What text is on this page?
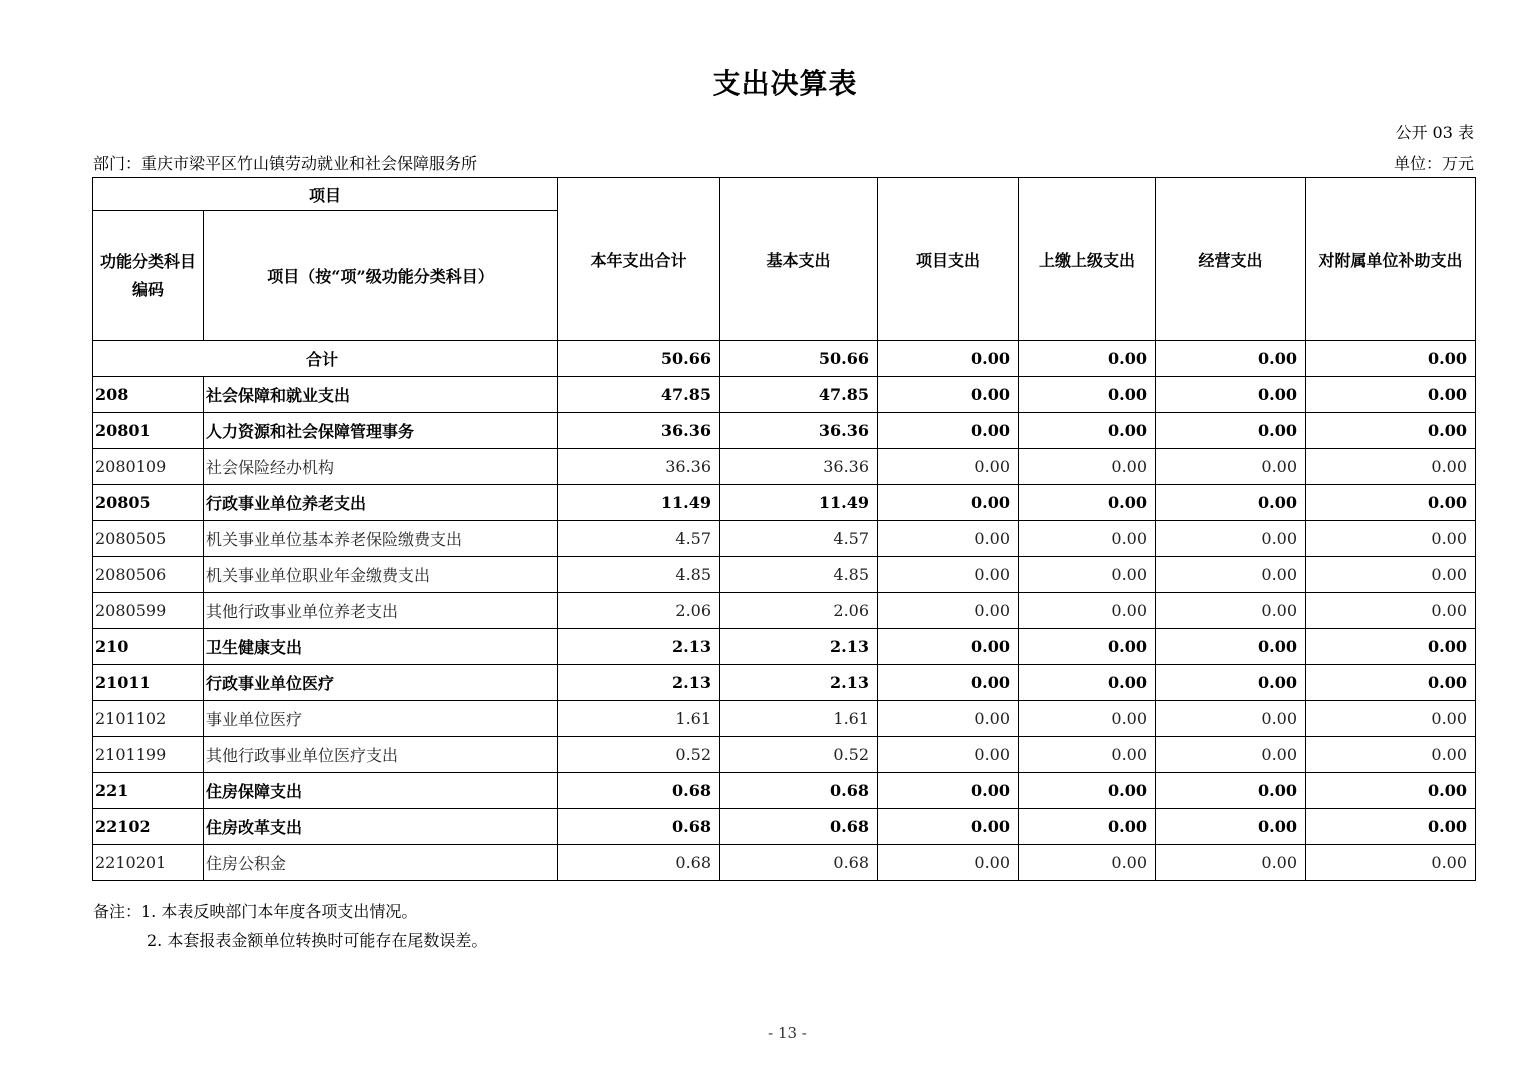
支出决算表
公开 03 表
部门：重庆市梁平区竹山镇劳动就业和社会保障服务所	单位：万元
项目		本年支出合计	基本支出	项目支出	上缴上级支出	经营支出	对附属单位补助支出
功能分类科目编码	项目（按“项”级功能分类科目）						
合计		50.66	50.66	0.00	0.00	0.00	0.00
208	社会保障和就业支出	47.85	47.85	0.00	0.00	0.00	0.00
20801	人力资源和社会保障管理事务	36.36	36.36	0.00	0.00	0.00	0.00
2080109	社会保险经办机构	36.36	36.36	0.00	0.00	0.00	0.00
20805	行政事业单位养老支出	11.49	11.49	0.00	0.00	0.00	0.00
2080505	机关事业单位基本养老保险缴费支出	4.57	4.57	0.00	0.00	0.00	0.00
2080506	机关事业单位职业年金缴费支出	4.85	4.85	0.00	0.00	0.00	0.00
2080599	其他行政事业单位养老支出	2.06	2.06	0.00	0.00	0.00	0.00
210	卫生健康支出	2.13	2.13	0.00	0.00	0.00	0.00
21011	行政事业单位医疗	2.13	2.13	0.00	0.00	0.00	0.00
2101102	事业单位医疗	1.61	1.61	0.00	0.00	0.00	0.00
2101199	其他行政事业单位医疗支出	0.52	0.52	0.00	0.00	0.00	0.00
221	住房保障支出	0.68	0.68	0.00	0.00	0.00	0.00
22102	住房改革支出	0.68	0.68	0.00	0.00	0.00	0.00
2210201	住房公积金	0.68	0.68	0.00	0.00	0.00	0.00
备注：1. 本表反映部门本年度各项支出情况。
2. 本套报表金额单位转换时可能存在尾数误差。
- 13 -
